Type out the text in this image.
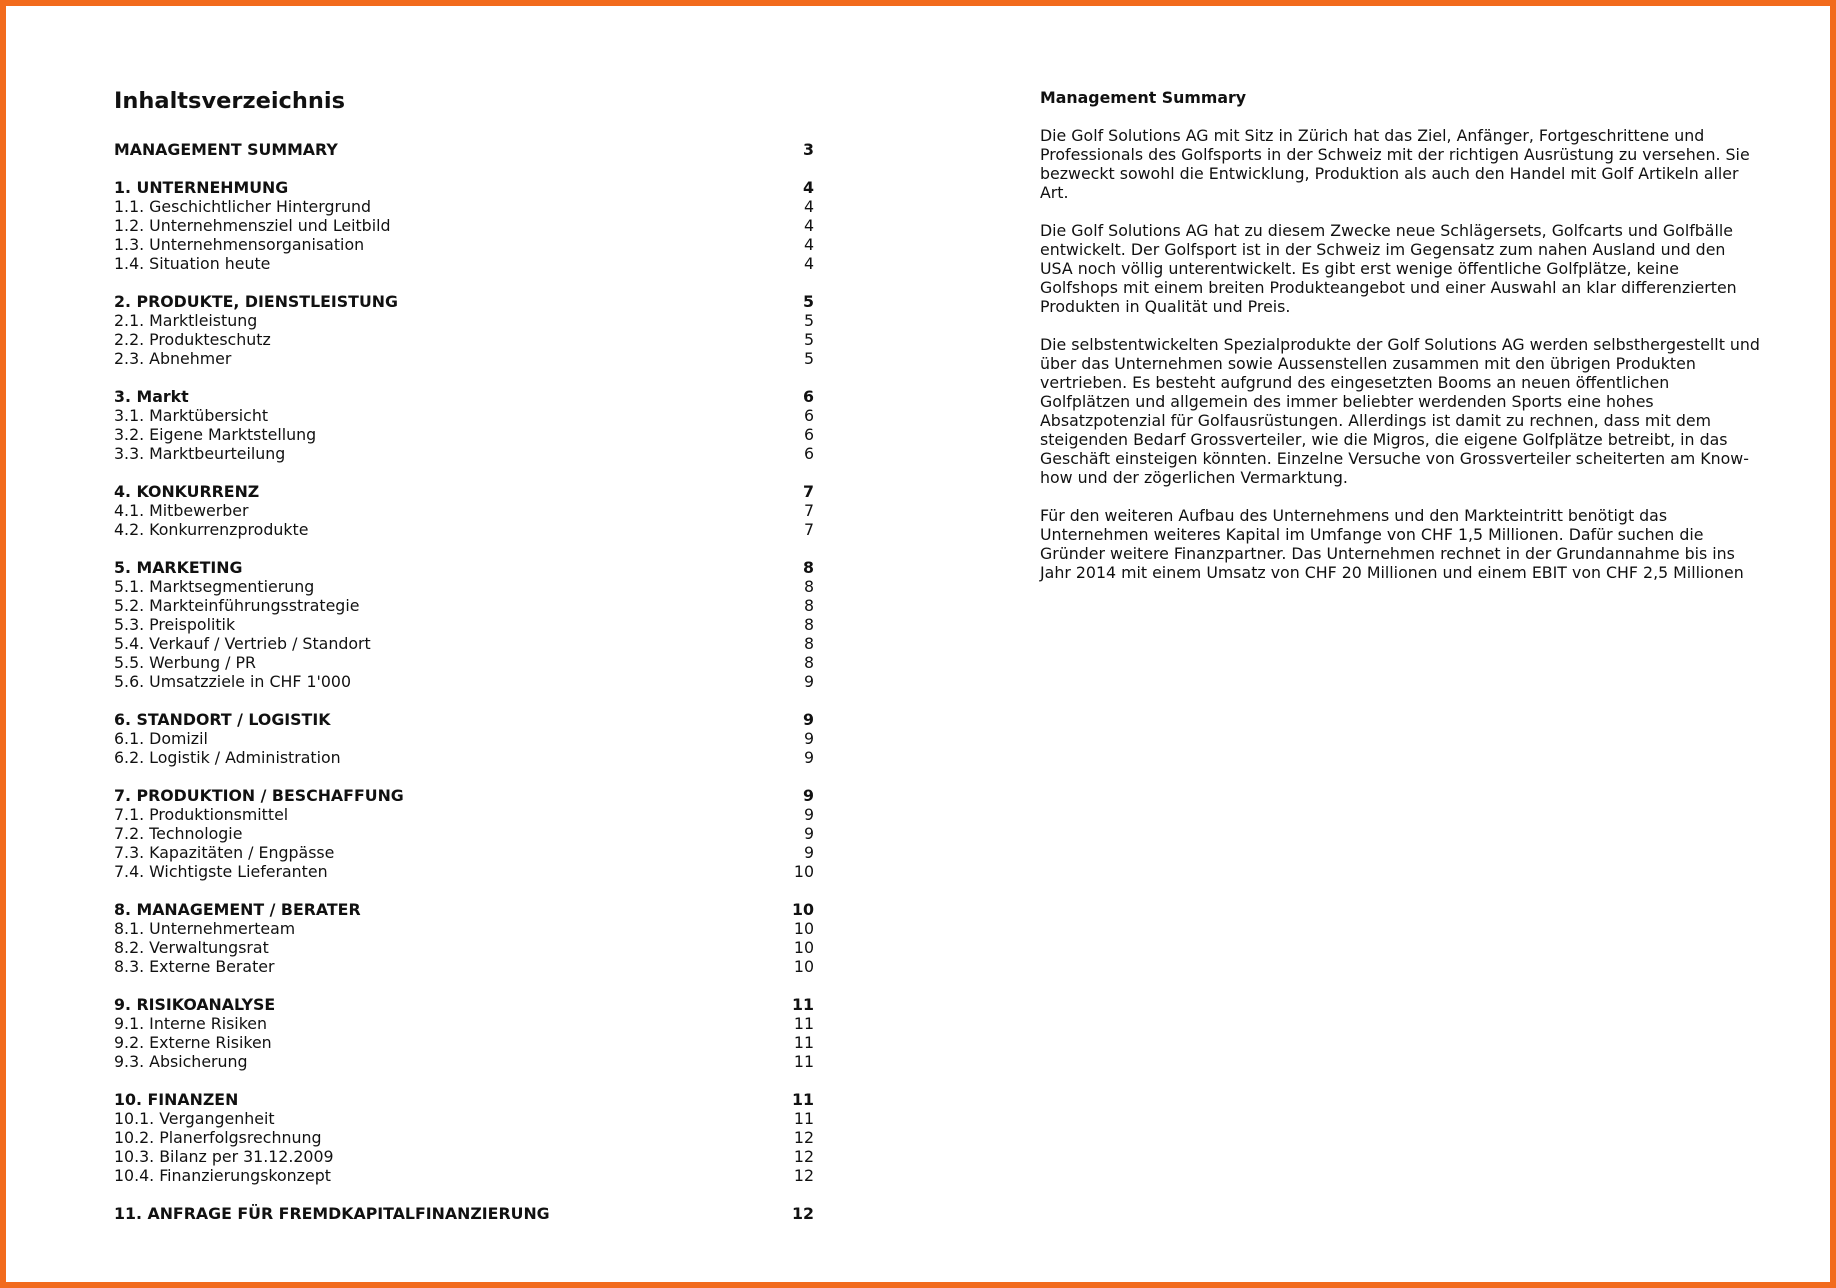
Inhaltsverzeichnis
MANAGEMENT SUMMARY	3
1. UNTERNEHMUNG	4
1.1. Geschichtlicher Hintergrund	4
1.2. Unternehmensziel und Leitbild	4
1.3. Unternehmensorganisation	4
1.4. Situation heute	4
2. PRODUKTE, DIENSTLEISTUNG	5
2.1. Marktleistung	5
2.2. Produkteschutz	5
2.3. Abnehmer	5
3. Markt	6
3.1. Marktübersicht	6
3.2. Eigene Marktstellung	6
3.3. Marktbeurteilung	6
4. KONKURRENZ	7
4.1. Mitbewerber	7
4.2. Konkurrenzprodukte	7
5. MARKETING	8
5.1. Marktsegmentierung	8
5.2. Markteinführungsstrategie	8
5.3. Preispolitik	8
5.4. Verkauf / Vertrieb / Standort	8
5.5. Werbung / PR	8
5.6. Umsatzziele in CHF 1'000	9
6. STANDORT / LOGISTIK	9
6.1. Domizil	9
6.2. Logistik / Administration	9
7. PRODUKTION / BESCHAFFUNG	9
7.1. Produktionsmittel	9
7.2. Technologie	9
7.3. Kapazitäten / Engpässe	9
7.4. Wichtigste Lieferanten	10
8. MANAGEMENT / BERATER	10
8.1. Unternehmerteam	10
8.2. Verwaltungsrat	10
8.3. Externe Berater	10
9. RISIKOANALYSE	11
9.1. Interne Risiken	11
9.2. Externe Risiken	11
9.3. Absicherung	11
10. FINANZEN	11
10.1. Vergangenheit	11
10.2. Planerfolgsrechnung	12
10.3. Bilanz per 31.12.2009	12
10.4. Finanzierungskonzept	12
11. ANFRAGE FÜR FREMDKAPITALFINANZIERUNG	12
Management Summary

Die Golf Solutions AG mit Sitz in Zürich hat das Ziel, Anfänger, Fortgeschrittene und Professionals des Golfsports in der Schweiz mit der richtigen Ausrüstung zu versehen. Sie bezweckt sowohl die Entwicklung, Produktion als auch den Handel mit Golf Artikeln aller Art.

Die Golf Solutions AG hat zu diesem Zwecke neue Schlägersets, Golfcarts und Golfbälle entwickelt. Der Golfsport ist in der Schweiz im Gegensatz zum nahen Ausland und den USA noch völlig unterentwickelt. Es gibt erst wenige öffentliche Golfplätze, keine Golfshops mit einem breiten Produkteangebot und einer Auswahl an klar differenzierten Produkten in Qualität und Preis.

Die selbstentwickelten Spezialprodukte der Golf Solutions AG werden selbsthergestellt und über das Unternehmen sowie Aussenstellen zusammen mit den übrigen Produkten vertrieben. Es besteht aufgrund des eingesetzten Booms an neuen öffentlichen Golfplätzen und allgemein des immer beliebter werdenden Sports eine hohes Absatzpotenzial für Golfausrüstungen. Allerdings ist damit zu rechnen, dass mit dem steigenden Bedarf Grossverteiler, wie die Migros, die eigene Golfplätze betreibt, in das Geschäft einsteigen könnten. Einzelne Versuche von Grossverteiler scheiterten am Know-how und der zögerlichen Vermarktung.

Für den weiteren Aufbau des Unternehmens und den Markteintritt benötigt das Unternehmen weiteres Kapital im Umfange von CHF 1,5 Millionen. Dafür suchen die Gründer weitere Finanzpartner. Das Unternehmen rechnet in der Grundannahme bis ins Jahr 2014 mit einem Umsatz von CHF 20 Millionen und einem EBIT von CHF 2,5 Millionen
